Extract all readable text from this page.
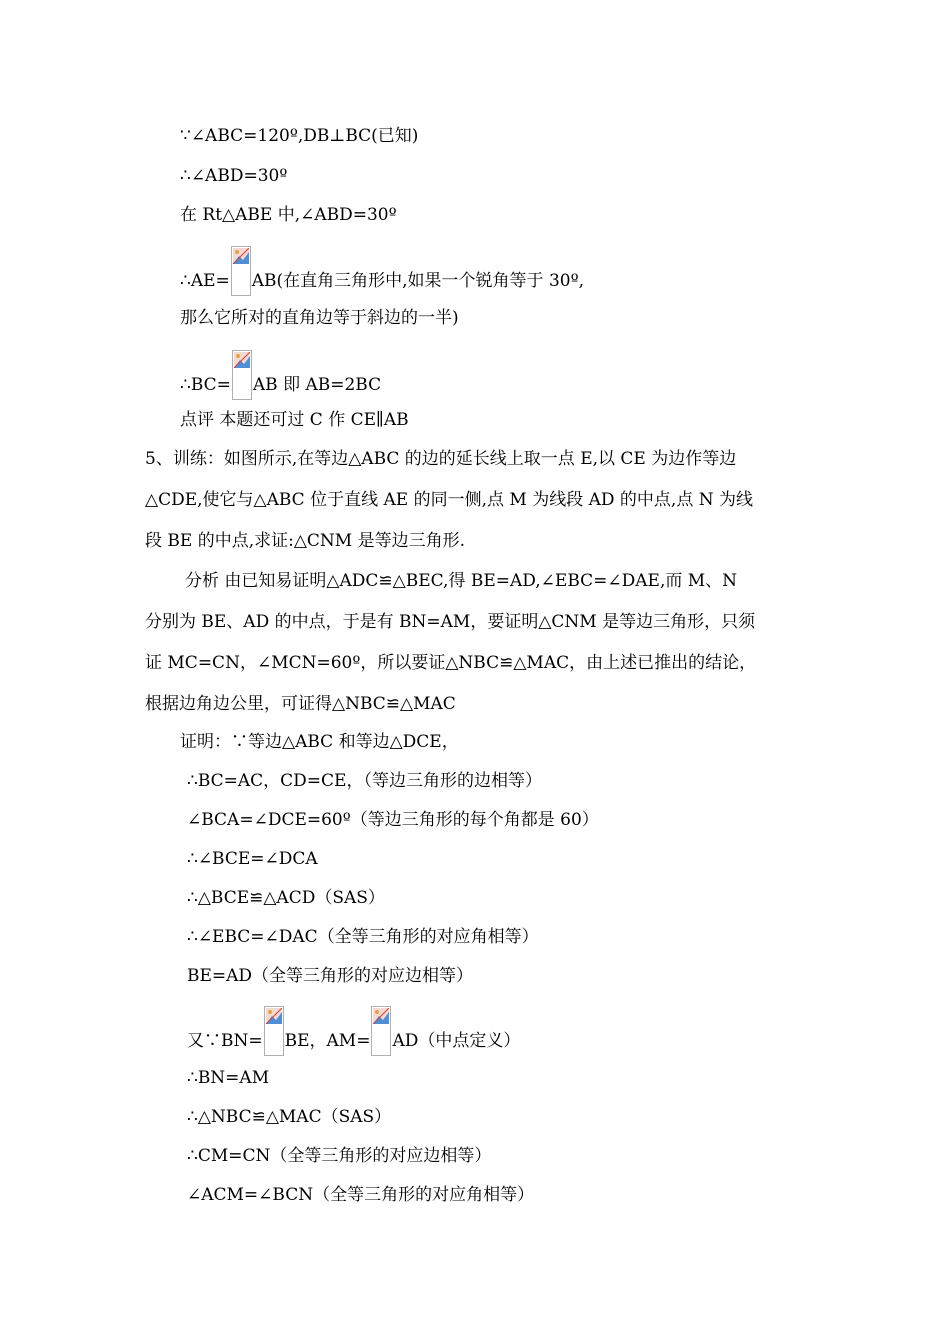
∵∠ABC=120º,DB⊥BC(已知)
∴∠ABD=30º
在 Rt△ABE 中,∠ABD=30º
∴AE= AB(在直角三角形中,如果一个锐角等于 30º,
那么它所对的直角边等于斜边的一半)
∴BC= AB 即 AB=2BC
点评 本题还可过 C 作 CE∥AB
5、训练：如图所示,在等边△ABC 的边的延长线上取一点 E,以 CE 为边作等边
△CDE,使它与△ABC 位于直线 AE 的同一侧,点 M 为线段 AD 的中点,点 N 为线
段 BE 的中点,求证:△CNM 是等边三角形.
分析 由已知易证明△ADC≌△BEC,得 BE=AD,∠EBC=∠DAE,而 M、N
分别为 BE、AD 的中点，于是有 BN=AM，要证明△CNM 是等边三角形，只须
证 MC=CN，∠MCN=60º，所以要证△NBC≌△MAC，由上述已推出的结论，
根据边角边公里，可证得△NBC≌△MAC
证明：∵等边△ABC 和等边△DCE，
∴BC=AC，CD=CE，（等边三角形的边相等）
∠BCA=∠DCE=60º（等边三角形的每个角都是 60）
∴∠BCE=∠DCA
∴△BCE≌△ACD（SAS）
∴∠EBC=∠DAC（全等三角形的对应角相等）
BE=AD（全等三角形的对应边相等）
又∵BN= BE，AM= AD（中点定义）
∴BN=AM
∴△NBC≌△MAC（SAS）
∴CM=CN（全等三角形的对应边相等）
∠ACM=∠BCN（全等三角形的对应角相等）
